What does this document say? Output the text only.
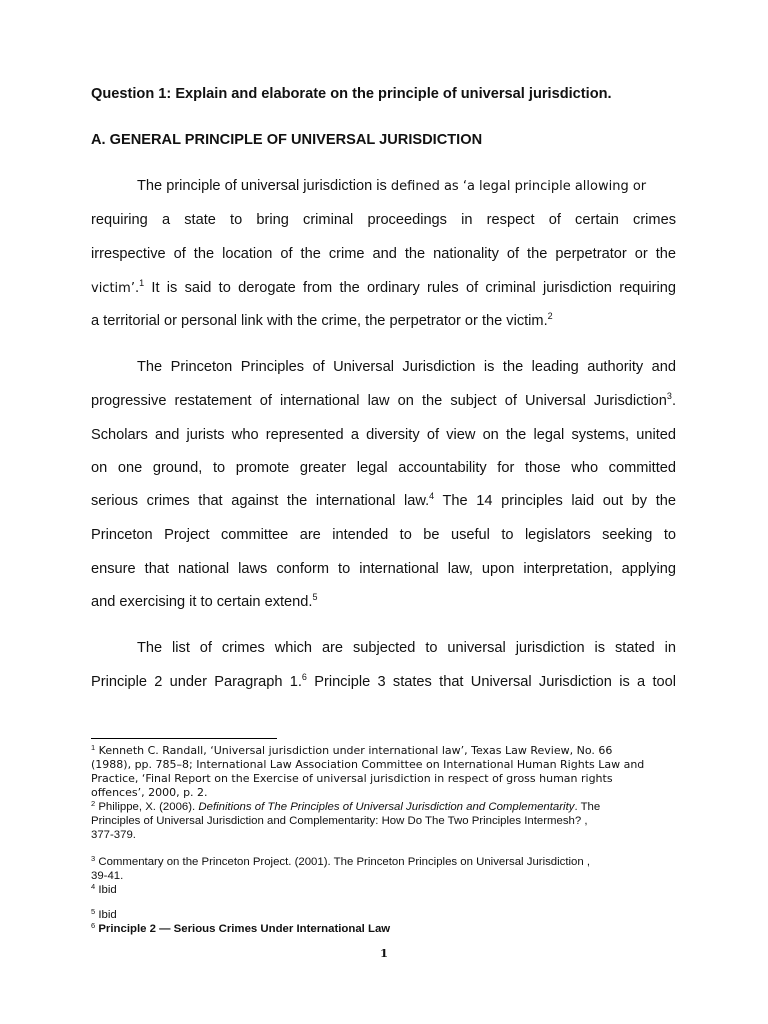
Question 1: Explain and elaborate on the principle of universal jurisdiction.
A. GENERAL PRINCIPLE OF UNIVERSAL JURISDICTION
The principle of universal jurisdiction is defined as ‘a legal principle allowing or
requiring a state to bring criminal proceedings in respect of certain crimes
irrespective of the location of the crime and the nationality of the perpetrator or the
victim’.$^1$ It is said to derogate from the ordinary rules of criminal jurisdiction requiring
a territorial or personal link with the crime, the perpetrator or the victim.$^2$
The Princeton Principles of Universal Jurisdiction is the leading authority and
progressive restatement of international law on the subject of Universal Jurisdiction$^3$.
Scholars and jurists who represented a diversity of view on the legal systems, united
on one ground, to promote greater legal accountability for those who committed
serious crimes that against the international law.$^4$ The 14 principles laid out by the
Princeton Project committee are intended to be useful to legislators seeking to
ensure that national laws conform to international law, upon interpretation, applying
and exercising it to certain extend.$^5$
The list of crimes which are subjected to universal jurisdiction is stated in
Principle 2 under Paragraph 1.$^6$ Principle 3 states that Universal Jurisdiction is a tool
$^1$ Kenneth C. Randall, ‘Universal jurisdiction under international law’, Texas Law Review, No. 66
(1988), pp. 785–8; International Law Association Committee on International Human Rights Law and
Practice, ‘Final Report on the Exercise of universal jurisdiction in respect of gross human rights
offences’, 2000, p. 2.
$^2$ Philippe, X. (2006). Definitions of The Principles of Universal Jurisdiction and Complementarity. The
Principles of Universal Jurisdiction and Complementarity: How Do The Two Principles Intermesh? ,
377-379.
$^3$ Commentary on the Princeton Project. (2001). The Princeton Principles on Universal Jurisdiction ,
39-41.
$^4$ Ibid
$^5$ Ibid
$^6$ Principle 2 — Serious Crimes Under International Law
1
